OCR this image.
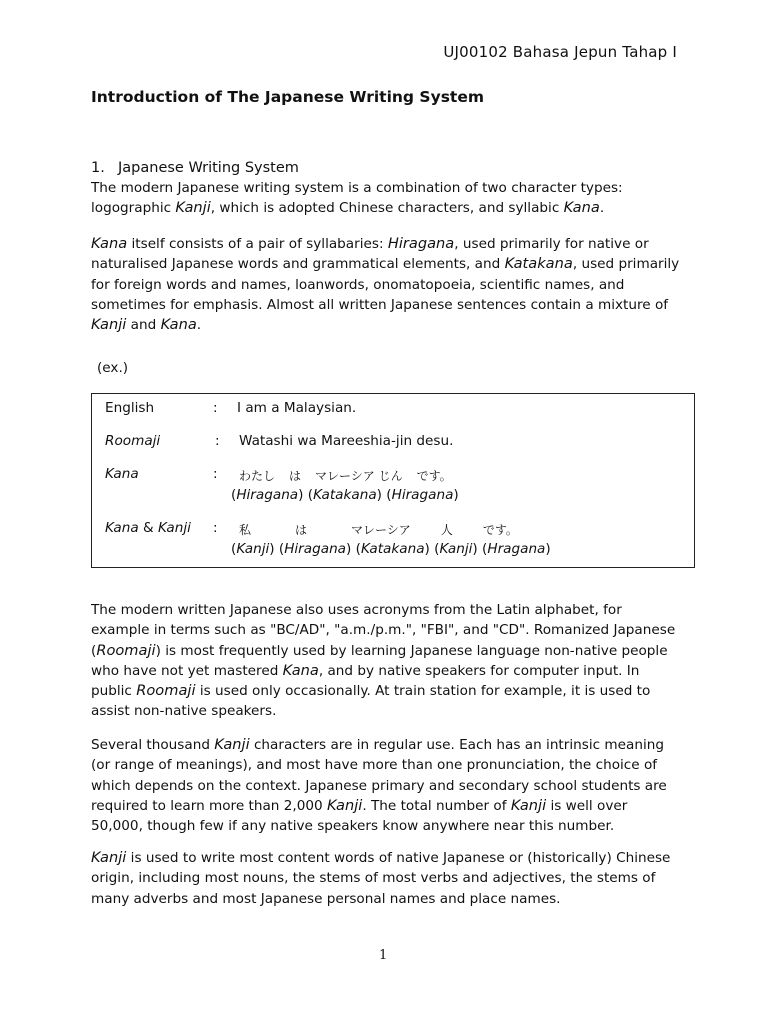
UJ00102 Bahasa Jepun Tahap I
Introduction of The Japanese Writing System
1. Japanese Writing System

The modern Japanese writing system is a combination of two character types: logographic Kanji, which is adopted Chinese characters, and syllabic Kana.

Kana itself consists of a pair of syllabaries: Hiragana, used primarily for native or naturalised Japanese words and grammatical elements, and Katakana, used primarily for foreign words and names, loanwords, onomatopoeia, scientific names, and sometimes for emphasis. Almost all written Japanese sentences contain a mixture of Kanji and Kana.

(ex.)
English	: I am a Malaysian.
Roomaji	: Watashi wa Mareeshia-jin desu.
Kana	: わたし は マレーシア じん です。
(Hiragana) (Katakana) (Hiragana)
Kana & Kanji	: 私	は	マレーシア	人	です。
(Kanji) (Hiragana) (Katakana) (Kanji) (Hragana)

The modern written Japanese also uses acronyms from the Latin alphabet, for example in terms such as "BC/AD", "a.m./p.m.", "FBI", and "CD". Romanized Japanese (Roomaji) is most frequently used by learning Japanese language non-native people who have not yet mastered Kana, and by native speakers for computer input. In public Roomaji is used only occasionally. At train station for example, it is used to assist non-native speakers.

Several thousand Kanji characters are in regular use. Each has an intrinsic meaning (or range of meanings), and most have more than one pronunciation, the choice of which depends on the context. Japanese primary and secondary school students are required to learn more than 2,000 Kanji. The total number of Kanji is well over 50,000, though few if any native speakers know anywhere near this number.

Kanji is used to write most content words of native Japanese or (historically) Chinese origin, including most nouns, the stems of most verbs and adjectives, the stems of many adverbs and most Japanese personal names and place names.

1
